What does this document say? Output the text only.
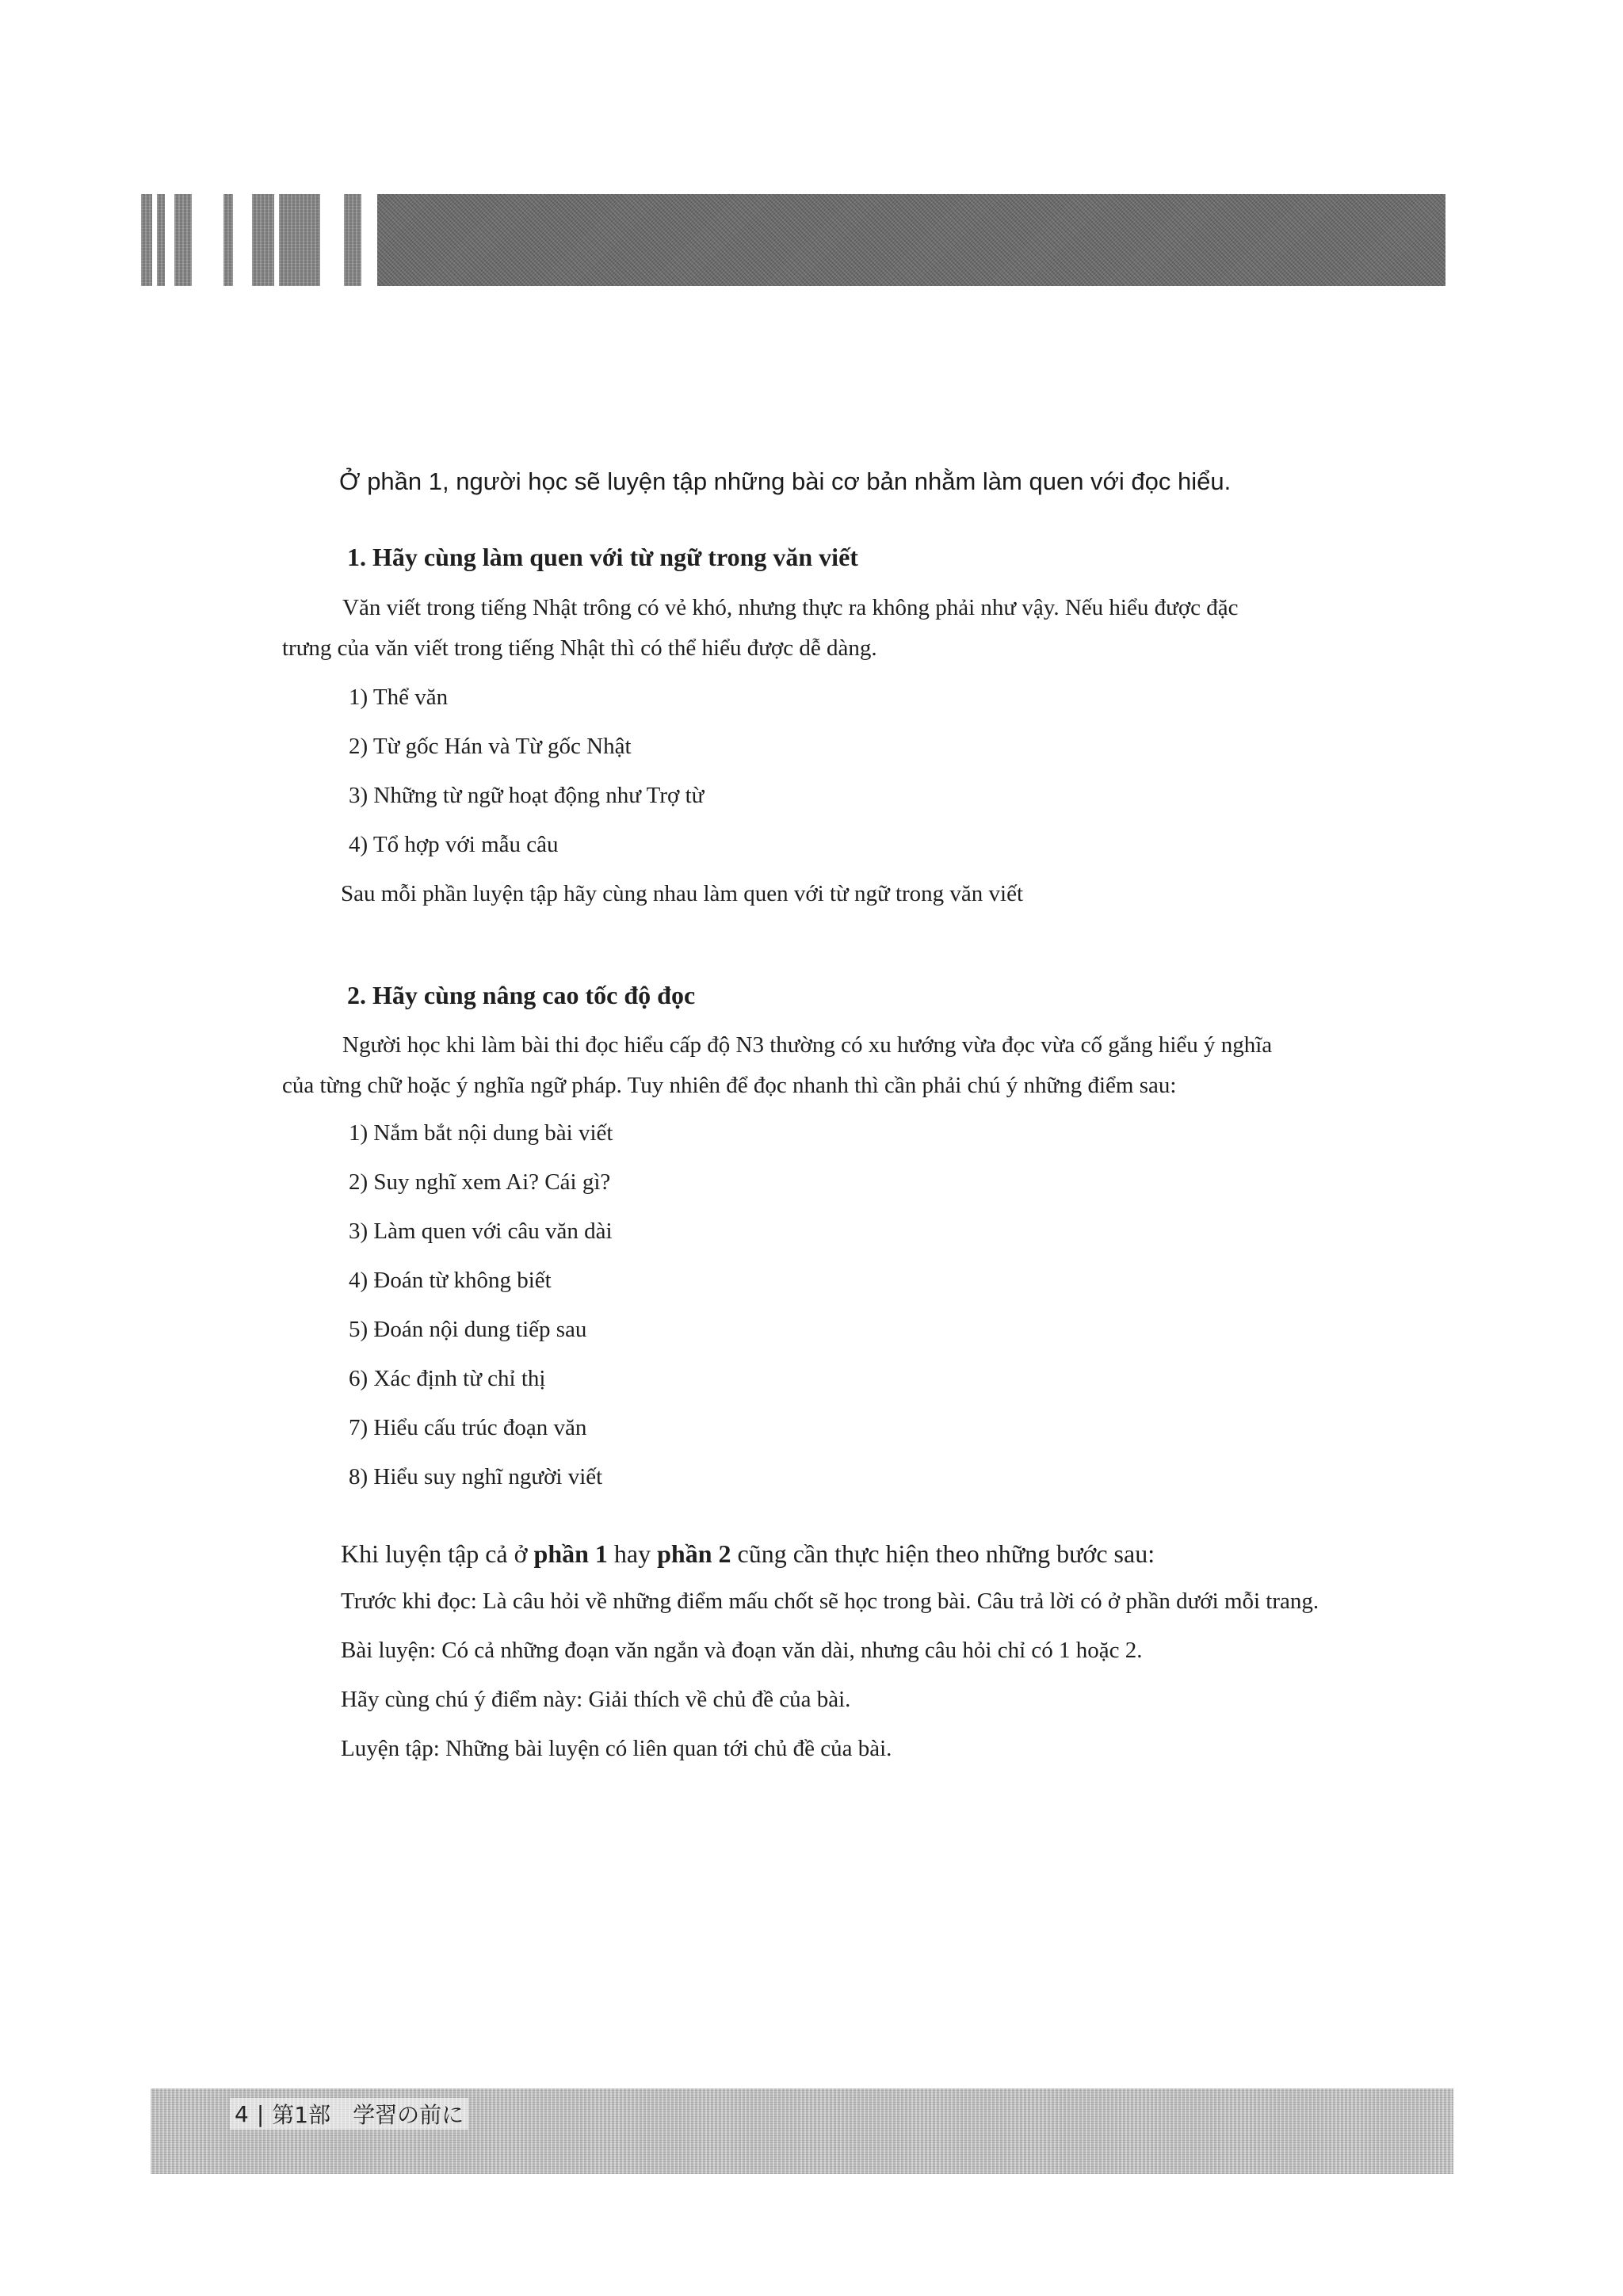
Ở phần 1, người học sẽ luyện tập những bài cơ bản nhằm làm quen với đọc hiểu.
1. Hãy cùng làm quen với từ ngữ trong văn viết
Văn viết trong tiếng Nhật trông có vẻ khó, nhưng thực ra không phải như vậy. Nếu hiểu được đặc
trưng của văn viết trong tiếng Nhật thì có thể hiểu được dễ dàng.
1) Thể văn
2) Từ gốc Hán và Từ gốc Nhật
3) Những từ ngữ hoạt động như Trợ từ
4) Tổ hợp với mẫu câu
Sau mỗi phần luyện tập hãy cùng nhau làm quen với từ ngữ trong văn viết
2. Hãy cùng nâng cao tốc độ đọc
Người học khi làm bài thi đọc hiểu cấp độ N3 thường có xu hướng vừa đọc vừa cố gắng hiểu ý nghĩa
của từng chữ hoặc ý nghĩa ngữ pháp. Tuy nhiên để đọc nhanh thì cần phải chú ý những điểm sau:
1) Nắm bắt nội dung bài viết
2) Suy nghĩ xem Ai? Cái gì?
3) Làm quen với câu văn dài
4) Đoán từ không biết
5) Đoán nội dung tiếp sau
6) Xác định từ chỉ thị
7) Hiểu cấu trúc đoạn văn
8) Hiểu suy nghĩ người viết
Khi luyện tập cả ở phần 1 hay phần 2 cũng cần thực hiện theo những bước sau:
Trước khi đọc: Là câu hỏi về những điểm mấu chốt sẽ học trong bài. Câu trả lời có ở phần dưới mỗi trang.
Bài luyện: Có cả những đoạn văn ngắn và đoạn văn dài, nhưng câu hỏi chỉ có 1 hoặc 2.
Hãy cùng chú ý điểm này: Giải thích về chủ đề của bài.
Luyện tập: Những bài luyện có liên quan tới chủ đề của bài.
4 | 第1部　学習の前に
